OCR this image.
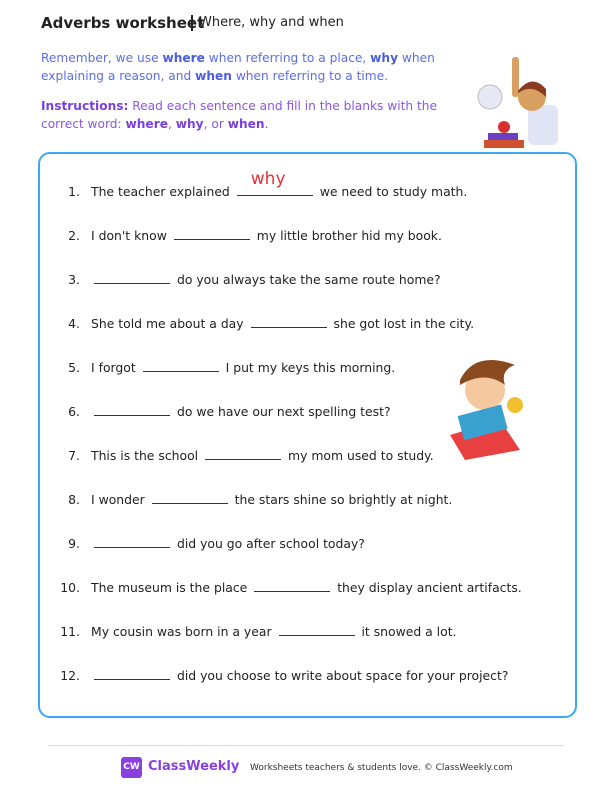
Adverbs worksheet
Where, why and when
Remember, we use where when referring to a place, why when explaining a reason, and when when referring to a time.
Instructions: Read each sentence and fill in the blanks with the correct word: where, why, or when.
1. The teacher explained
why
we need to study math.
2. I don't know	my little brother hid my book.
3.	do you always take the same route home?
4. She told me about a day	she got lost in the city.
5. I forgot	I put my keys this morning.
6.	do we have our next spelling test?
7. This is the school	my mom used to study.
8. I wonder	the stars shine so brightly at night.
9.	did you go after school today?
10. The museum is the place	they display ancient artifacts.
11. My cousin was born in a year	it snowed a lot.
12.	did you choose to write about space for your project?
CW ClassWeekly Worksheets teachers & students love. © ClassWeekly.com
